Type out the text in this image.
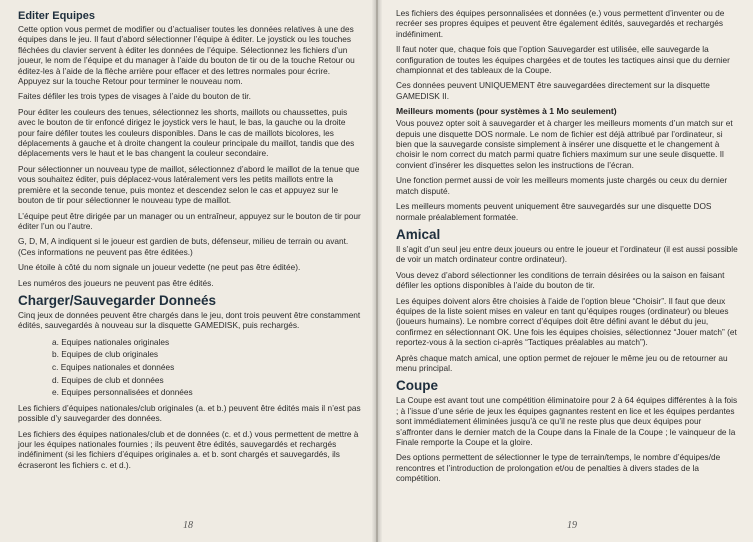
Editer Equipes

Cette option vous permet de modifier ou d’actualiser toutes les données relatives à une des équipes dans le jeu. Il faut d’abord sélectionner l’équipe à éditer. Le joystick ou les touches fléchées du clavier servent à éditer les données de l’équipe. Sélectionnez les fichiers d’un joueur, le nom de l’équipe et du manager à l’aide du bouton de tir ou de la touche Retour ou éditez-les à l’aide de la flèche arrière pour effacer et des lettres normales pour écrire. Appuyez sur la touche Retour pour terminer le nouveau nom.

Faites défiler les trois types de visages à l’aide du bouton de tir.

Pour éditer les couleurs des tenues, sélectionnez les shorts, maillots ou chaussettes, puis avec le bouton de tir enfoncé dirigez le joystick vers le haut, le bas, la gauche ou la droite pour faire défiler toutes les couleurs disponibles. Dans le cas de maillots bicolores, les déplacements à gauche et à droite changent la couleur principale du maillot, tandis que des déplacements vers le haut et le bas changent la couleur secondaire.

Pour sélectionner un nouveau type de maillot, sélectionnez d’abord le maillot de la tenue que vous souhaitez éditer, puis déplacez-vous latéralement vers les petits maillots entre la première et la seconde tenue, puis montez et descendez selon le cas et appuyez sur le bouton de tir pour sélectionner le nouveau type de maillot.

L’équipe peut être dirigée par un manager ou un entraîneur, appuyez sur le bouton de tir pour éditer l’un ou l’autre.

G, D, M, A indiquent si le joueur est gardien de buts, défenseur, milieu de terrain ou avant. (Ces informations ne peuvent pas être éditées.)

Une étoile à côté du nom signale un joueur vedette (ne peut pas être éditée).

Les numéros des joueurs ne peuvent pas être édités.

Charger/Sauvegarder Donneés

Cinq jeux de données peuvent être chargés dans le jeu, dont trois peuvent être constamment édités, sauvegardés à nouveau sur la disquette GAMEDISK, puis rechargés.

a. Equipes nationales originales
b. Equipes de club originales
c. Equipes nationales et données
d. Equipes de club et données
e. Equipes personnalisées et données

Les fichiers d’équipes nationales/club originales (a. et b.) peuvent être édités mais il n’est pas possible d’y sauvegarder des données.

Les fichiers des équipes nationales/club et de données (c. et d.) vous permettent de mettre à jour les équipes nationales fournies ; ils peuvent être édités, sauvegardés et rechargés indéfiniment (si les fichiers d’équipes originales a. et b. sont chargés et sauvegardés, ils écraseront les fichiers c. et d.).

18

Les fichiers des équipes personnalisées et données (e.) vous permettent d’inventer ou de recréer ses propres équipes et peuvent être également édités, sauvegardés et rechargés indéfiniment.

Il faut noter que, chaque fois que l’option Sauvegarder est utilisée, elle sauvegarde la configuration de toutes les équipes chargées et de toutes les tactiques ainsi que du dernier championnat et des tableaux de la Coupe.

Ces données peuvent UNIQUEMENT être sauvegardées directement sur la disquette GAMEDISK II.

Meilleurs moments (pour systèmes à 1 Mo seulement)

Vous pouvez opter soit à sauvegarder et à charger les meilleurs moments d’un match sur et depuis une disquette DOS normale. Le nom de fichier est déjà attribué par l’ordinateur, si bien que la sauvegarde consiste simplement à insérer une disquette et le changement à choisir le nom correct du match parmi quatre fichiers maximum sur une seule disquette. Il convient d’insérer les disquettes selon les instructions de l’écran.

Une fonction permet aussi de voir les meilleurs moments juste chargés ou ceux du dernier match disputé.

Les meilleurs moments peuvent uniquement être sauvegardés sur une disquette DOS normale préalablement formatée.

Amical

Il s’agit d’un seul jeu entre deux joueurs ou entre le joueur et l’ordinateur (il est aussi possible de voir un match ordinateur contre ordinateur).

Vous devez d’abord sélectionner les conditions de terrain désirées ou la saison en faisant défiler les options disponibles à l’aide du bouton de tir.

Les équipes doivent alors être choisies à l’aide de l’option bleue “Choisir”. Il faut que deux équipes de la liste soient mises en valeur en tant qu’équipes rouges (ordinateur) ou bleues (joueurs humains). Le nombre correct d’équipes doit être défini avant le début du jeu, confirmez en sélectionnant OK. Une fois les équipes choisies, sélectionnez “Jouer match” (et reportez-vous à la section ci-après “Tactiques préalables au match”).

Après chaque match amical, une option permet de rejouer le même jeu ou de retourner au menu principal.

Coupe

La Coupe est avant tout une compétition éliminatoire pour 2 à 64 équipes différentes à la fois ; à l’issue d’une série de jeux les équipes gagnantes restent en lice et les équipes perdantes sont immédiatement éliminées jusqu’à ce qu’il ne reste plus que deux équipes pour s’affronter dans le dernier match de la Coupe dans la Finale de la Coupe ; le vainqueur de la Finale remporte la Coupe et la gloire.

Des options permettent de sélectionner le type de terrain/temps, le nombre d’équipes/de rencontres et l’introduction de prolongation et/ou de penalties à divers stades de la compétition.

19
